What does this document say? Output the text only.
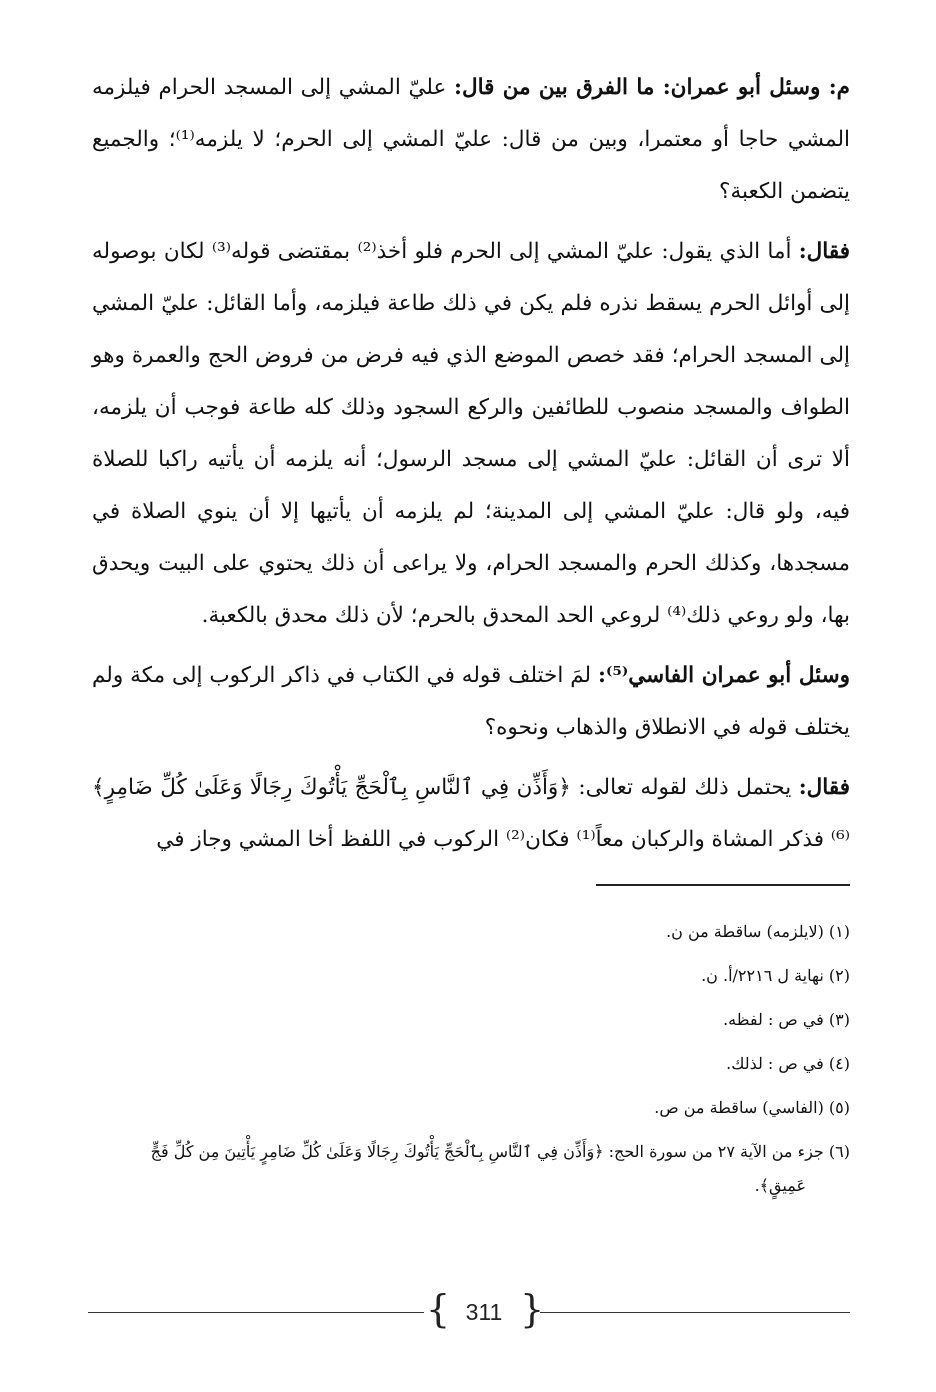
م: وسئل أبو عمران: ما الفرق بين من قال: عليّ المشي إلى المسجد الحرام فيلزمه المشي حاجا أو معتمرا، وبين من قال: عليّ المشي إلى الحرم؛ لا يلزمه⁽¹⁾؛ والجميع يتضمن الكعبة؟

فقال: أما الذي يقول: عليّ المشي إلى الحرم فلو أخذ⁽²⁾ بمقتضى قوله⁽³⁾ لكان بوصوله إلى أوائل الحرم يسقط نذره فلم يكن في ذلك طاعة فيلزمه، وأما القائل: عليّ المشي إلى المسجد الحرام؛ فقد خصص الموضع الذي فيه فرض من فروض الحج والعمرة وهو الطواف والمسجد منصوب للطائفين والركع السجود وذلك كله طاعة فوجب أن يلزمه، ألا ترى أن القائل: عليّ المشي إلى مسجد الرسول؛ أنه يلزمه أن يأتيه راكبا للصلاة فيه، ولو قال: عليّ المشي إلى المدينة؛ لم يلزمه أن يأتيها إلا أن ينوي الصلاة في مسجدها، وكذلك الحرم والمسجد الحرام، ولا يراعى أن ذلك يحتوي على البيت ويحدق بها، ولو روعي ذلك⁽⁴⁾ لروعي الحد المحدق بالحرم؛ لأن ذلك محدق بالكعبة.

وسئل أبو عمران الفاسي⁽⁵⁾: لمَ اختلف قوله في الكتاب في ذاكر الركوب إلى مكة ولم يختلف قوله في الانطلاق والذهاب ونحوه؟

فقال: يحتمل ذلك لقوله تعالى: ﴿وَأَذِّن فِي ٱلنَّاسِ بِٱلْحَجِّ يَأْتُوكَ رِجَالًا وَعَلَىٰ كُلِّ ضَامِرٍ﴾⁽⁶⁾ فذكر المشاة والركبان معاً⁽¹⁾ فكان⁽²⁾ الركوب في اللفظ أخا المشي وجاز في

(١) (لايلزمه) ساقطة من ن.

(٢) نهاية ل ٢٢١٦/أ. ن.

(٣) في ص : لفظه.

(٤) في ص : لذلك.

(٥) (الفاسي) ساقطة من ص.

(٦) جزء من الآية ٢٧ من سورة الحج: ﴿وَأَذِّن فِي ٱلنَّاسِ بِٱلْحَجِّ يَأْتُوكَ رِجَالًا وَعَلَىٰ كُلِّ ضَامِرٍ يَأْتِينَ مِن كُلِّ فَجٍّ

عَمِيقٍ﴾.

{ 311 }
